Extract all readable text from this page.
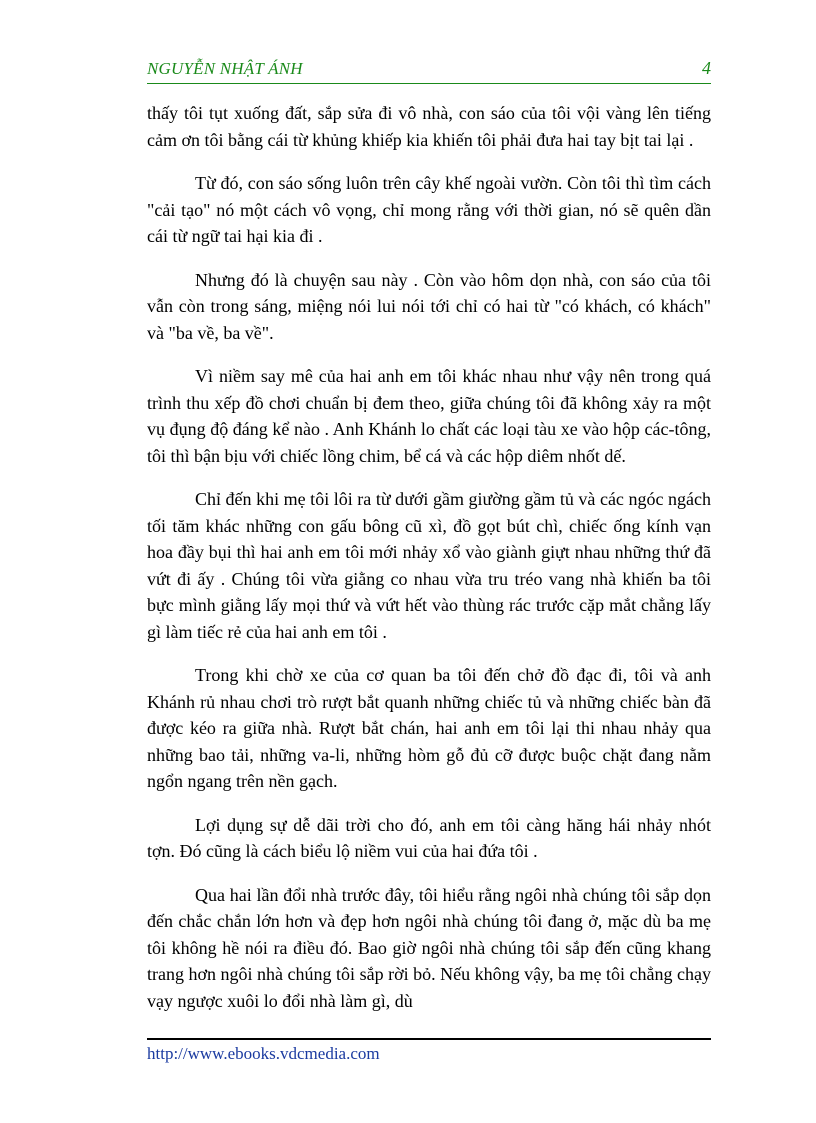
NGUYỄN NHẬT ÁNH	4

thấy tôi tụt xuống đất, sắp sửa đi vô nhà, con sáo của tôi vội vàng lên tiếng cảm ơn tôi bằng cái từ khủng khiếp kia khiến tôi phải đưa hai tay bịt tai lại .

Từ đó, con sáo sống luôn trên cây khế ngoài vườn. Còn tôi thì tìm cách "cải tạo" nó một cách vô vọng, chỉ mong rằng với thời gian, nó sẽ quên dần cái từ ngữ tai hại kia đi .

Nhưng đó là chuyện sau này . Còn vào hôm dọn nhà, con sáo của tôi vẫn còn trong sáng, miệng nói lui nói tới chỉ có hai từ "có khách, có khách" và "ba về, ba về".

Vì niềm say mê của hai anh em tôi khác nhau như vậy nên trong quá trình thu xếp đồ chơi chuẩn bị đem theo, giữa chúng tôi đã không xảy ra một vụ đụng độ đáng kể nào . Anh Khánh lo chất các loại tàu xe vào hộp các-tông, tôi thì bận bịu với chiếc lồng chim, bể cá và các hộp diêm nhốt dế.

Chỉ đến khi mẹ tôi lôi ra từ dưới gầm giường gầm tủ và các ngóc ngách tối tăm khác những con gấu bông cũ xì, đồ gọt bút chì, chiếc ống kính vạn hoa đầy bụi thì hai anh em tôi mới nhảy xổ vào giành giựt nhau những thứ đã vứt đi ấy . Chúng tôi vừa giằng co nhau vừa tru tréo vang nhà khiến ba tôi bực mình giằng lấy mọi thứ và vứt hết vào thùng rác trước cặp mắt chẳng lấy gì làm tiếc rẻ của hai anh em tôi .

Trong khi chờ xe của cơ quan ba tôi đến chở đồ đạc đi, tôi và anh Khánh rủ nhau chơi trò rượt bắt quanh những chiếc tủ và những chiếc bàn đã được kéo ra giữa nhà. Rượt bắt chán, hai anh em tôi lại thi nhau nhảy qua những bao tải, những va-li, những hòm gỗ đủ cỡ được buộc chặt đang nằm ngổn ngang trên nền gạch.

Lợi dụng sự dễ dãi trời cho đó, anh em tôi càng hăng hái nhảy nhót tợn. Đó cũng là cách biểu lộ niềm vui của hai đứa tôi .

Qua hai lần đổi nhà trước đây, tôi hiểu rằng ngôi nhà chúng tôi sắp dọn đến chắc chắn lớn hơn và đẹp hơn ngôi nhà chúng tôi đang ở, mặc dù ba mẹ tôi không hề nói ra điều đó. Bao giờ ngôi nhà chúng tôi sắp đến cũng khang trang hơn ngôi nhà chúng tôi sắp rời bỏ. Nếu không vậy, ba mẹ tôi chẳng chạy vạy ngược xuôi lo đổi nhà làm gì, dù

http://www.ebooks.vdcmedia.com
